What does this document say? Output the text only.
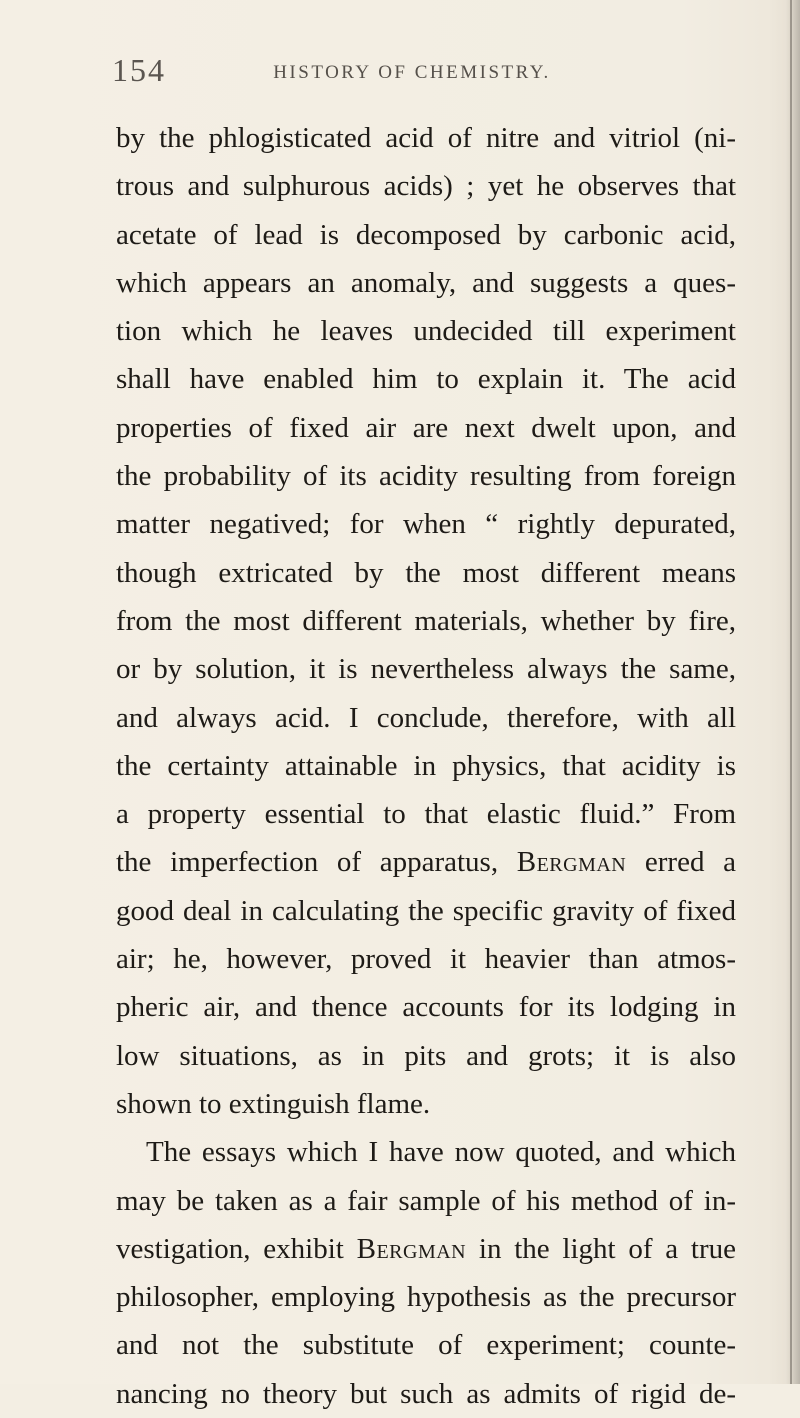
154	HISTORY OF CHEMISTRY.
by the phlogisticated acid of nitre and vitriol (ni-
trous and sulphurous acids) ; yet he observes that
acetate of lead is decomposed by carbonic acid,
which appears an anomaly, and suggests a ques-
tion which he leaves undecided till experiment
shall have enabled him to explain it. The acid
properties of fixed air are next dwelt upon, and
the probability of its acidity resulting from foreign
matter negatived; for when “ rightly depurated,
though extricated by the most different means
from the most different materials, whether by fire,
or by solution, it is nevertheless always the same,
and always acid. I conclude, therefore, with all
the certainty attainable in physics, that acidity is
a property essential to that elastic fluid.” From
the imperfection of apparatus, Bergman erred a
good deal in calculating the specific gravity of fixed
air; he, however, proved it heavier than atmos-
pheric air, and thence accounts for its lodging in
low situations, as in pits and grots; it is also
shown to extinguish flame.
The essays which I have now quoted, and which
may be taken as a fair sample of his method of in-
vestigation, exhibit Bergman in the light of a true
philosopher, employing hypothesis as the precursor
and not the substitute of experiment; counte-
nancing no theory but such as admits of rigid de-
